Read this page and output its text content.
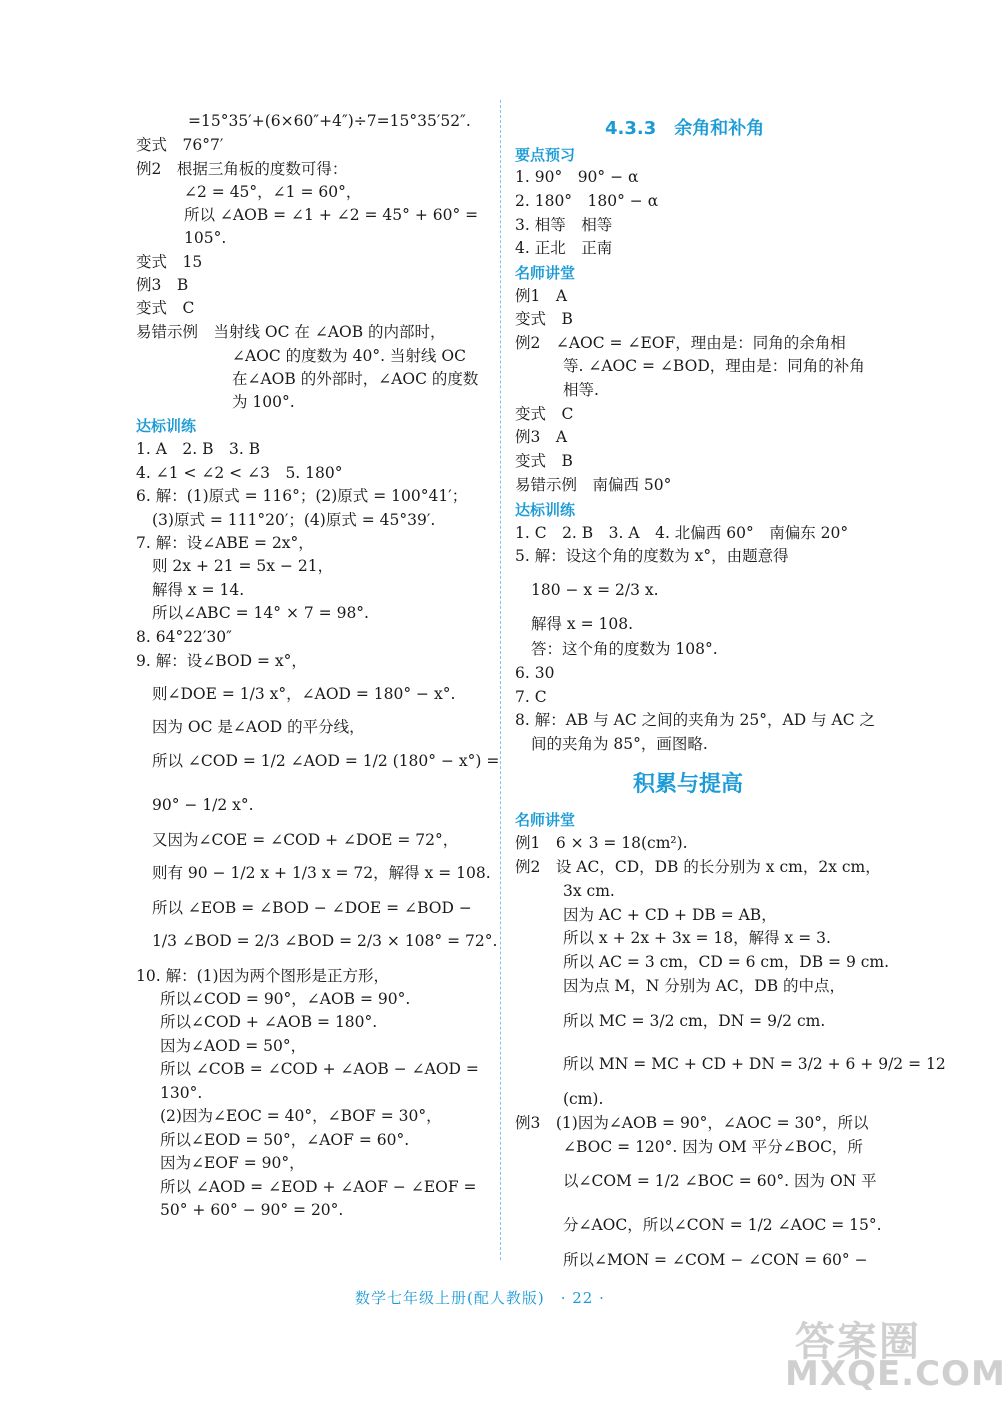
=15°35′+(6×60″+4″)÷7=15°35′52″.
变式　76°7′
例2　根据三角板的度数可得：
∠2 = 45°，∠1 = 60°，
所以 ∠AOB = ∠1 + ∠2 = 45° + 60° =
105°.
变式　15
例3　B
变式　C
易错示例　当射线 OC 在 ∠AOB 的内部时，
∠AOC 的度数为 40°. 当射线 OC
在∠AOB 的外部时，∠AOC 的度数
为 100°.
达标训练
1. A　2. B　3. B
4. ∠1 < ∠2 < ∠3　5. 180°
6. 解：(1)原式 = 116°；(2)原式 = 100°41′；
(3)原式 = 111°20′；(4)原式 = 45°39′.
7. 解：设∠ABE = 2x°，
则 2x + 21 = 5x − 21，
解得 x = 14.
所以∠ABC = 14° × 7 = 98°.
8. 64°22′30″
9. 解：设∠BOD = x°，
则∠DOE = 1/3 x°，∠AOD = 180° − x°.
因为 OC 是∠AOD 的平分线，
所以 ∠COD = 1/2 ∠AOD = 1/2 (180° − x°) =
90° − 1/2 x°.
又因为∠COE = ∠COD + ∠DOE = 72°，
则有 90 − 1/2 x + 1/3 x = 72，解得 x = 108.
所以 ∠EOB = ∠BOD − ∠DOE = ∠BOD −
1/3 ∠BOD = 2/3 ∠BOD = 2/3 × 108° = 72°.
10. 解：(1)因为两个图形是正方形，
所以∠COD = 90°，∠AOB = 90°.
所以∠COD + ∠AOB = 180°.
因为∠AOD = 50°，
所以 ∠COB = ∠COD + ∠AOB − ∠AOD =
130°.
(2)因为∠EOC = 40°，∠BOF = 30°，
所以∠EOD = 50°，∠AOF = 60°.
因为∠EOF = 90°，
所以 ∠AOD = ∠EOD + ∠AOF − ∠EOF =
50° + 60° − 90° = 20°.
4.3.3　余角和补角
要点预习
1. 90°　90° − α
2. 180°　180° − α
3. 相等　相等
4. 正北　正南
名师讲堂
例1　A
变式　B
例2　∠AOC = ∠EOF，理由是：同角的余角相
等. ∠AOC = ∠BOD，理由是：同角的补角
相等.
变式　C
例3　A
变式　B
易错示例　南偏西 50°
达标训练
1. C　2. B　3. A　4. 北偏西 60°　南偏东 20°
5. 解：设这个角的度数为 x°，由题意得
180 − x = 2/3 x.
解得 x = 108.
答：这个角的度数为 108°.
6. 30
7. C
8. 解：AB 与 AC 之间的夹角为 25°，AD 与 AC 之
间的夹角为 85°，画图略.
积累与提高
名师讲堂
例1　6 × 3 = 18(cm²).
例2　设 AC，CD，DB 的长分别为 x cm，2x cm，
3x cm.
因为 AC + CD + DB = AB，
所以 x + 2x + 3x = 18，解得 x = 3.
所以 AC = 3 cm，CD = 6 cm，DB = 9 cm.
因为点 M，N 分别为 AC，DB 的中点，
所以 MC = 3/2 cm，DN = 9/2 cm.
所以 MN = MC + CD + DN = 3/2 + 6 + 9/2 = 12
(cm).
例3　(1)因为∠AOB = 90°，∠AOC = 30°，所以
∠BOC = 120°. 因为 OM 平分∠BOC，所
以∠COM = 1/2 ∠BOC = 60°. 因为 ON 平
分∠AOC，所以∠CON = 1/2 ∠AOC = 15°.
所以∠MON = ∠COM − ∠CON = 60° −
数学七年级上册(配人教版)　· 22 ·
答案圈
MXQE.COM
